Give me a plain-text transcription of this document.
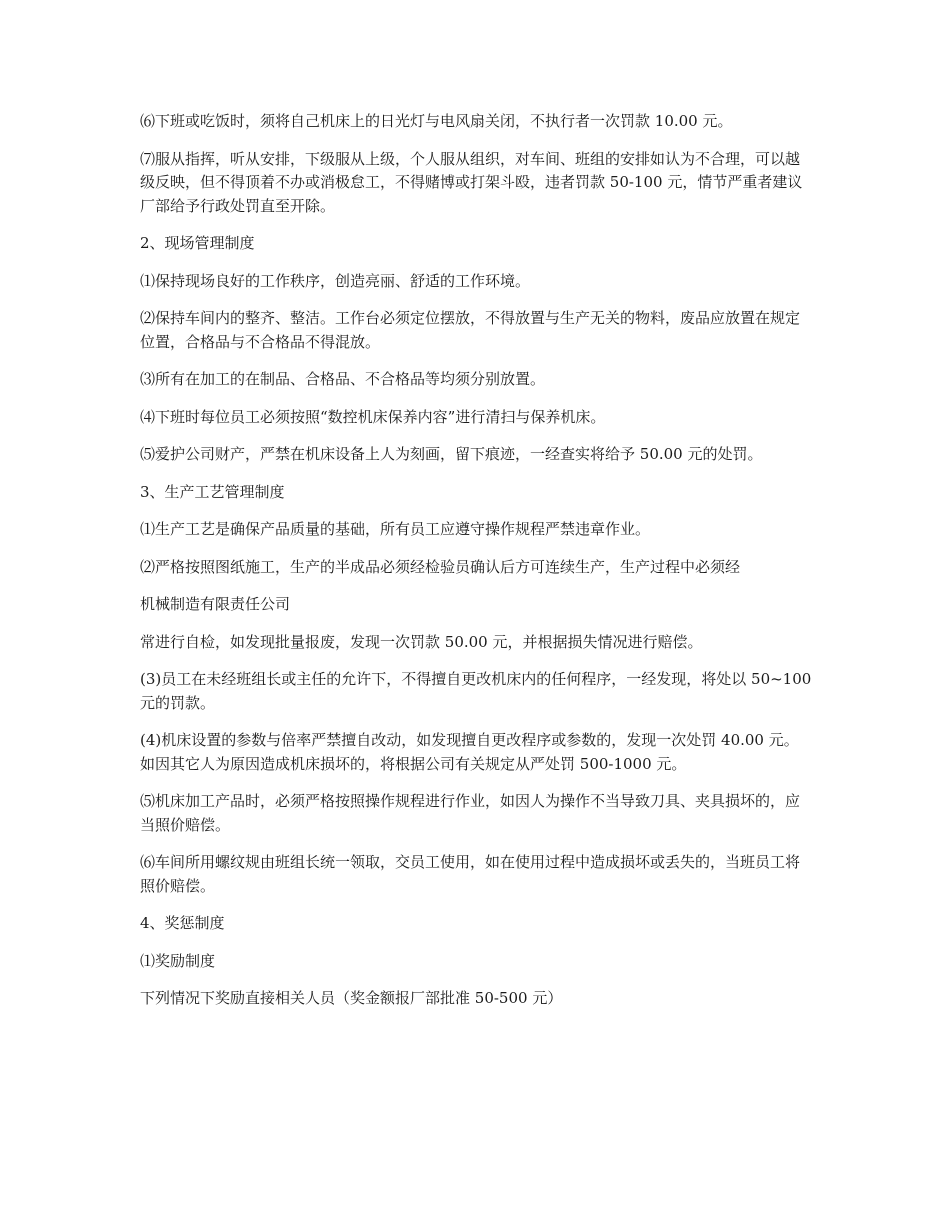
⑹下班或吃饭时，须将自己机床上的日光灯与电风扇关闭，不执行者一次罚款 10.00 元。

⑺服从指挥，听从安排，下级服从上级，个人服从组织，对车间、班组的安排如认为不合理，可以越级反映，但不得顶着不办或消极怠工，不得赌博或打架斗殴，违者罚款 50-100 元，情节严重者建议厂部给予行政处罚直至开除。

2、现场管理制度

⑴保持现场良好的工作秩序，创造亮丽、舒适的工作环境。

⑵保持车间内的整齐、整洁。工作台必须定位摆放，不得放置与生产无关的物料，废品应放置在规定位置，合格品与不合格品不得混放。

⑶所有在加工的在制品、合格品、不合格品等均须分别放置。

⑷下班时每位员工必须按照“数控机床保养内容”进行清扫与保养机床。

⑸爱护公司财产，严禁在机床设备上人为刻画，留下痕迹，一经查实将给予 50.00 元的处罚。

3、生产工艺管理制度

⑴生产工艺是确保产品质量的基础，所有员工应遵守操作规程严禁违章作业。

⑵严格按照图纸施工，生产的半成品必须经检验员确认后方可连续生产，生产过程中必须经

机械制造有限责任公司

常进行自检，如发现批量报废，发现一次罚款 50.00 元，并根据损失情况进行赔偿。

(3)员工在未经班组长或主任的允许下，不得擅自更改机床内的任何程序，一经发现，将处以 50~100 元的罚款。

(4)机床设置的参数与倍率严禁擅自改动，如发现擅自更改程序或参数的，发现一次处罚 40.00 元。如因其它人为原因造成机床损坏的，将根据公司有关规定从严处罚 500-1000 元。

⑸机床加工产品时，必须严格按照操作规程进行作业，如因人为操作不当导致刀具、夹具损坏的，应当照价赔偿。

⑹车间所用螺纹规由班组长统一领取，交员工使用，如在使用过程中造成损坏或丢失的，当班员工将照价赔偿。

4、奖惩制度

⑴奖励制度

下列情况下奖励直接相关人员（奖金额报厂部批准 50-500 元）
